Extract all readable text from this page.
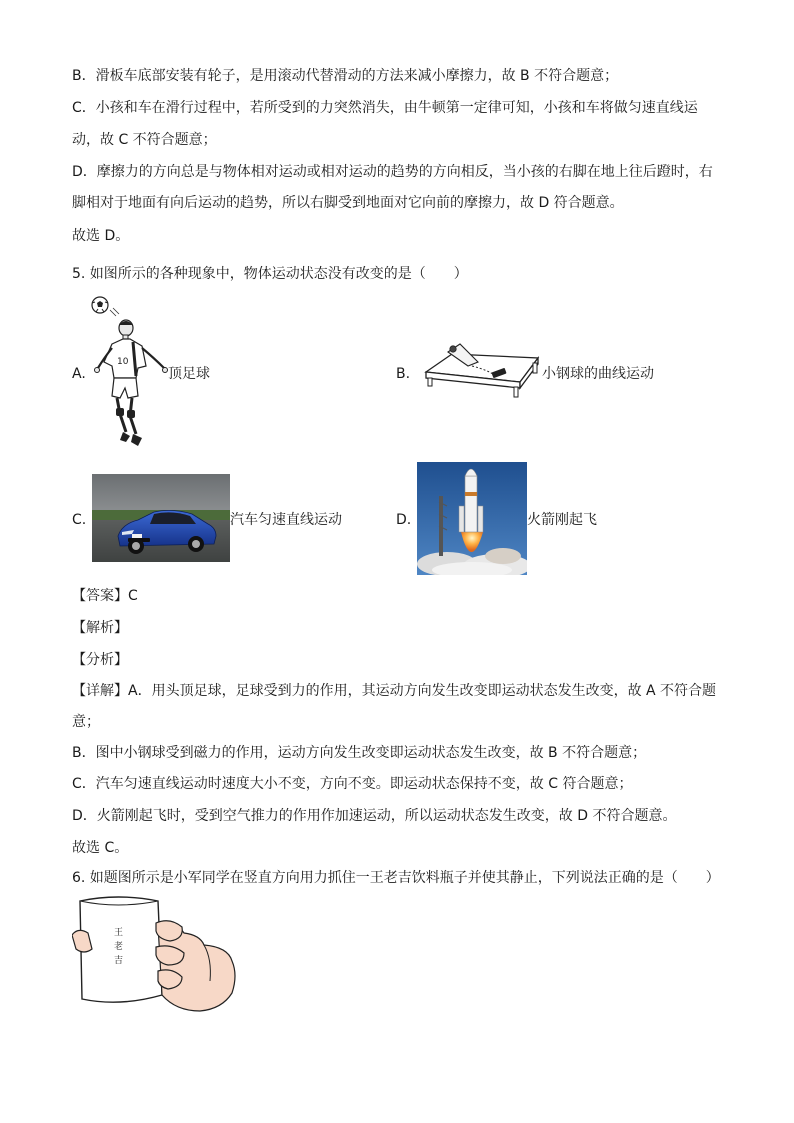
B．滑板车底部安装有轮子，是用滚动代替滑动的方法来减小摩擦力，故 B 不符合题意；
C．小孩和车在滑行过程中，若所受到的力突然消失，由牛顿第一定律可知，小孩和车将做匀速直线运
动，故 C 不符合题意；
D．摩擦力的方向总是与物体相对运动或相对运动的趋势的方向相反，当小孩的右脚在地上往后蹬时，右
脚相对于地面有向后运动的趋势，所以右脚受到地面对它向前的摩擦力，故 D 符合题意。
故选 D。
5. 如图所示的各种现象中，物体运动状态没有改变的是（　　）
A.
10
顶足球	B.	小钢球的曲线运动
C.	汽车匀速直线运动	D.	火箭刚起飞
【答案】C
【解析】
【分析】
【详解】A．用头顶足球，足球受到力的作用，其运动方向发生改变即运动状态发生改变，故 A 不符合题
意；
B．图中小钢球受到磁力的作用，运动方向发生改变即运动状态发生改变，故 B 不符合题意；
C．汽车匀速直线运动时速度大小不变，方向不变。即运动状态保持不变，故 C 符合题意；
D．火箭刚起飞时，受到空气推力的作用作加速运动，所以运动状态发生改变，故 D 不符合题意。
故选 C。
6. 如题图所示是小军同学在竖直方向用力抓住一王老吉饮料瓶子并使其静止，下列说法正确的是（　　）
王
老
吉
